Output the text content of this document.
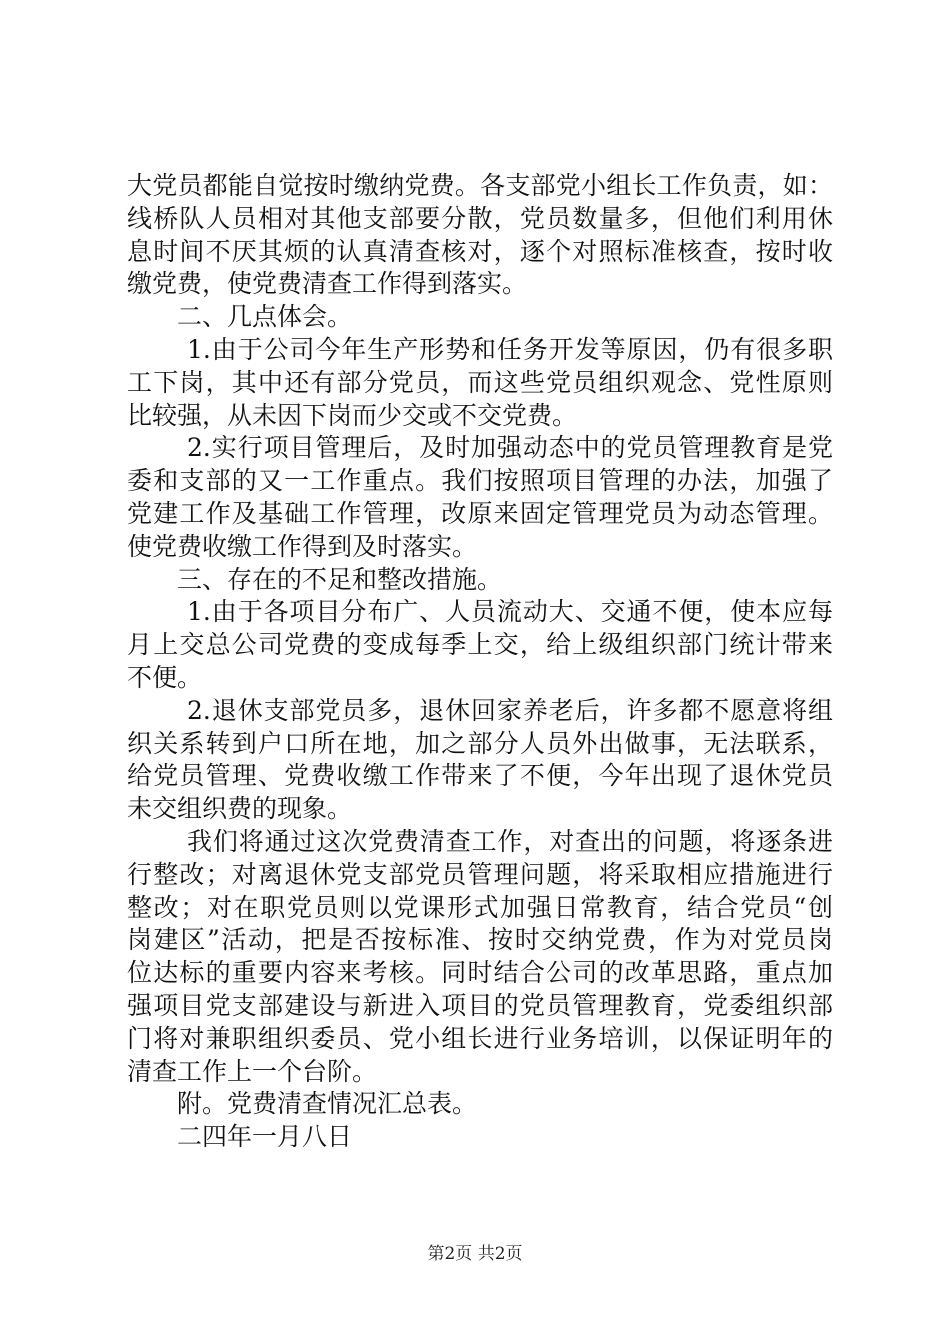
大党员都能自觉按时缴纳党费。各支部党小组长工作负责，如：
线桥队人员相对其他支部要分散，党员数量多，但他们利用休
息时间不厌其烦的认真清查核对，逐个对照标准核查，按时收
缴党费，使党费清查工作得到落实。
二、几点体会。
1.由于公司今年生产形势和任务开发等原因，仍有很多职
工下岗，其中还有部分党员，而这些党员组织观念、党性原则
比较强，从未因下岗而少交或不交党费。
2.实行项目管理后，及时加强动态中的党员管理教育是党
委和支部的又一工作重点。我们按照项目管理的办法，加强了
党建工作及基础工作管理，改原来固定管理党员为动态管理。
使党费收缴工作得到及时落实。
三、存在的不足和整改措施。
1.由于各项目分布广、人员流动大、交通不便，使本应每
月上交总公司党费的变成每季上交，给上级组织部门统计带来
不便。
2.退休支部党员多，退休回家养老后，许多都不愿意将组
织关系转到户口所在地，加之部分人员外出做事，无法联系，
给党员管理、党费收缴工作带来了不便，今年出现了退休党员
未交组织费的现象。
我们将通过这次党费清查工作，对查出的问题，将逐条进
行整改；对离退休党支部党员管理问题，将采取相应措施进行
整改；对在职党员则以党课形式加强日常教育，结合党员“创
岗建区”活动，把是否按标准、按时交纳党费，作为对党员岗
位达标的重要内容来考核。同时结合公司的改革思路，重点加
强项目党支部建设与新进入项目的党员管理教育，党委组织部
门将对兼职组织委员、党小组长进行业务培训，以保证明年的
清查工作上一个台阶。
附。党费清查情况汇总表。
二四年一月八日
第2页 共2页
